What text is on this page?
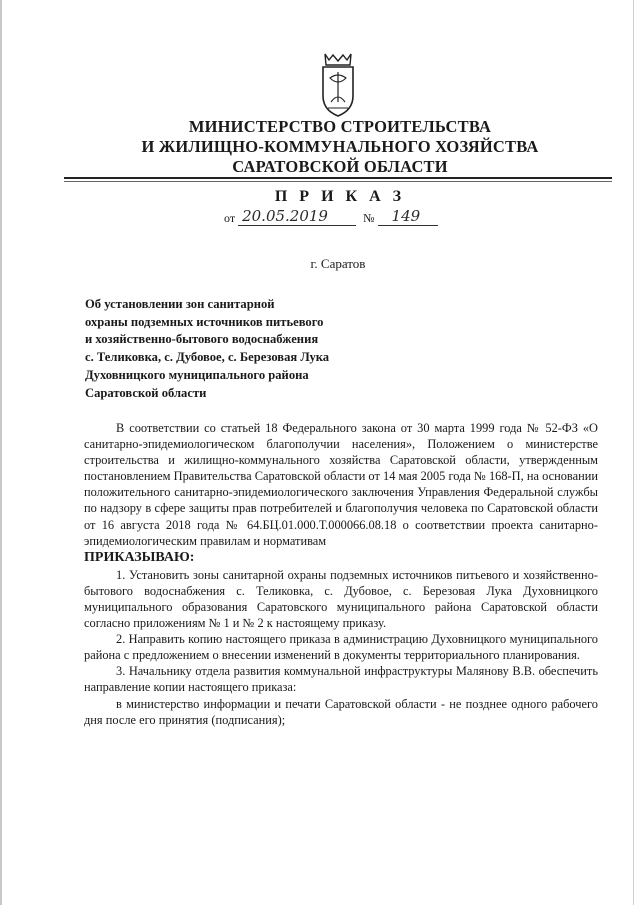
МИНИСТЕРСТВО СТРОИТЕЛЬСТВА
И ЖИЛИЩНО-КОММУНАЛЬНОГО ХОЗЯЙСТВА
САРАТОВСКОЙ ОБЛАСТИ
П Р И К А З
от 20.05.2019	№ 149
г. Саратов
Об установлении зон санитарной
охраны подземных источников питьевого
и хозяйственно-бытового водоснабжения
с. Теликовка, с. Дубовое, с. Березовая Лука
Духовницкого муниципального района
Саратовской области

В соответствии со статьей 18 Федерального закона от 30 марта 1999 года № 52-ФЗ «О санитарно-эпидемиологическом благополучии населения», Положением о министерстве строительства и жилищно-коммунального хозяйства Саратовской области, утвержденным постановлением Правительства Саратовской области от 14 мая 2005 года № 168-П, на основании положительного санитарно-эпидемиологического заключения Управления Федеральной службы по надзору в сфере защиты прав потребителей и благополучия человека по Саратовской области от 16 августа 2018 года № 64.БЦ.01.000.Т.000066.08.18 о соответствии проекта санитарно-эпидемиологическим правилам и нормативам

ПРИКАЗЫВАЮ:

1. Установить зоны санитарной охраны подземных источников питьевого и хозяйственно-бытового водоснабжения с. Теликовка, с. Дубовое, с. Березовая Лука Духовницкого муниципального образования Саратовского муниципального района Саратовской области согласно приложениям № 1 и № 2 к настоящему приказу.

2. Направить копию настоящего приказа в администрацию Духовницкого муниципального района с предложением о внесении изменений в документы территориального планирования.

3. Начальнику отдела развития коммунальной инфраструктуры Малянову В.В. обеспечить направление копии настоящего приказа:

в министерство информации и печати Саратовской области - не позднее одного рабочего дня после его принятия (подписания);
